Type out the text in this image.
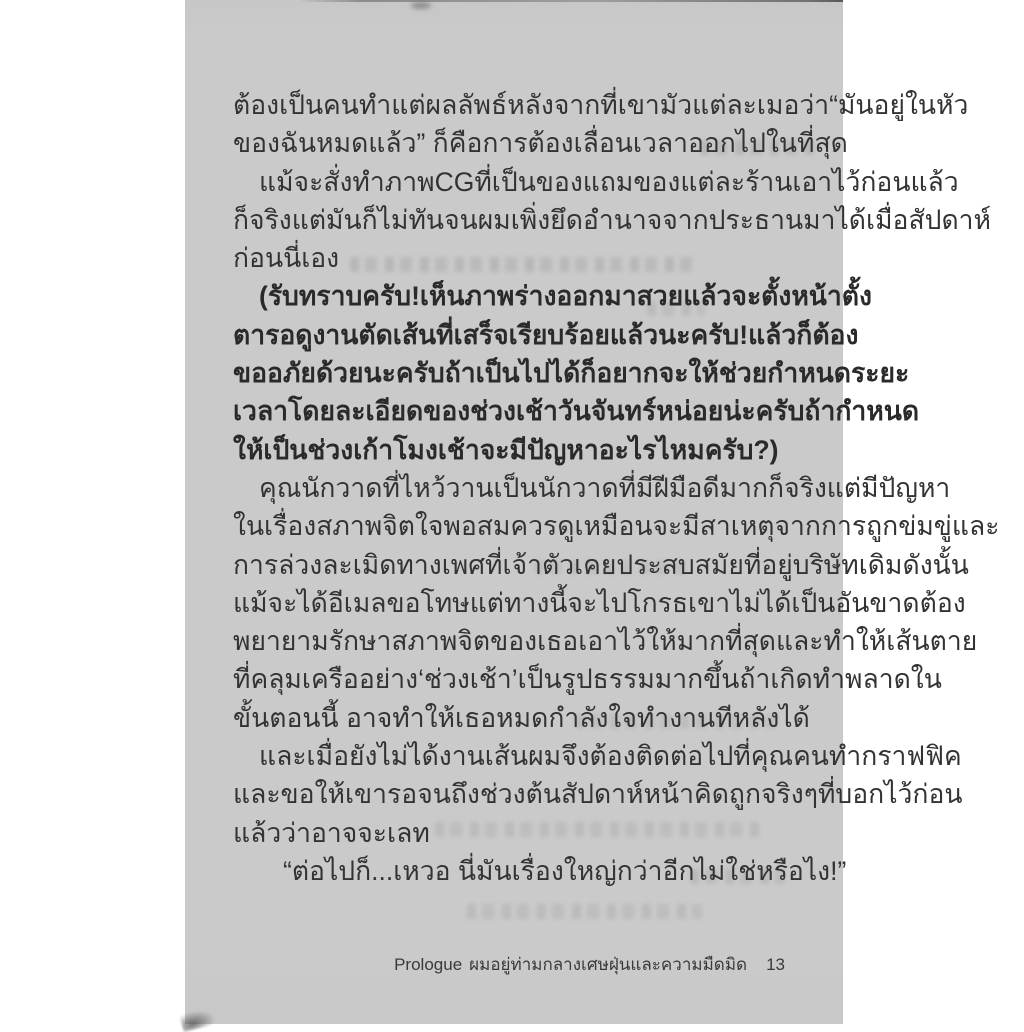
ต้องเป็นคนทำ แต่ผลลัพธ์หลังจากที่เขามัวแต่ละเมอว่า “มันอยู่ในหัว
ของฉันหมดแล้ว” ก็คือการต้องเลื่อนเวลาออกไปในที่สุด
แม้จะสั่งทำภาพ CG ที่เป็นของแถมของแต่ละร้านเอาไว้ก่อนแล้ว
ก็จริง แต่มันก็ไม่ทัน จนผมเพิ่งยึดอำนาจจากประธานมาได้เมื่อสัปดาห์
ก่อนนี่เอง
(รับทราบครับ! เห็นภาพร่างออกมาสวยแล้ว จะตั้งหน้าตั้ง
ตารอดูงานตัดเส้นที่เสร็จเรียบร้อยแล้วนะครับ! แล้วก็ต้อง
ขออภัยด้วยนะครับ ถ้าเป็นไปได้ก็อยากจะให้ช่วยกำหนดระยะ
เวลาโดยละเอียดของช่วงเช้าวันจันทร์หน่อยน่ะครับ ถ้ากำหนด
ให้เป็นช่วงเก้าโมงเช้าจะมีปัญหาอะไรไหมครับ?)
คุณนักวาดที่ไหว้วานเป็นนักวาดที่มีฝีมือดีมากก็จริง แต่มีปัญหา
ในเรื่องสภาพจิตใจพอสมควร ดูเหมือนจะมีสาเหตุจากการถูกข่มขู่และ
การล่วงละเมิดทางเพศที่เจ้าตัวเคยประสบสมัยที่อยู่บริษัทเดิม ดังนั้น
แม้จะได้อีเมลขอโทษแต่ทางนี้จะไปโกรธเขาไม่ได้เป็นอันขาด ต้อง
พยายามรักษาสภาพจิตของเธอเอาไว้ให้มากที่สุด และทำให้เส้นตาย
ที่คลุมเครืออย่าง ‘ช่วงเช้า’ เป็นรูปธรรมมากขึ้น ถ้าเกิดทำพลาดใน
ขั้นตอนนี้ อาจทำให้เธอหมดกำลังใจทำงานทีหลังได้
และเมื่อยังไม่ได้งานเส้น ผมจึงต้องติดต่อไปที่คุณคนทำกราฟฟิค
และขอให้เขารอจนถึงช่วงต้นสัปดาห์หน้า คิดถูกจริงๆ ที่บอกไว้ก่อน
แล้วว่าอาจจะเลท
“ต่อไปก็...เหวอ นี่มันเรื่องใหญ่กว่าอีกไม่ใช่หรือไง!”
Prologue ผมอยู่ท่ามกลางเศษฝุ่นและความมืดมิด 13
